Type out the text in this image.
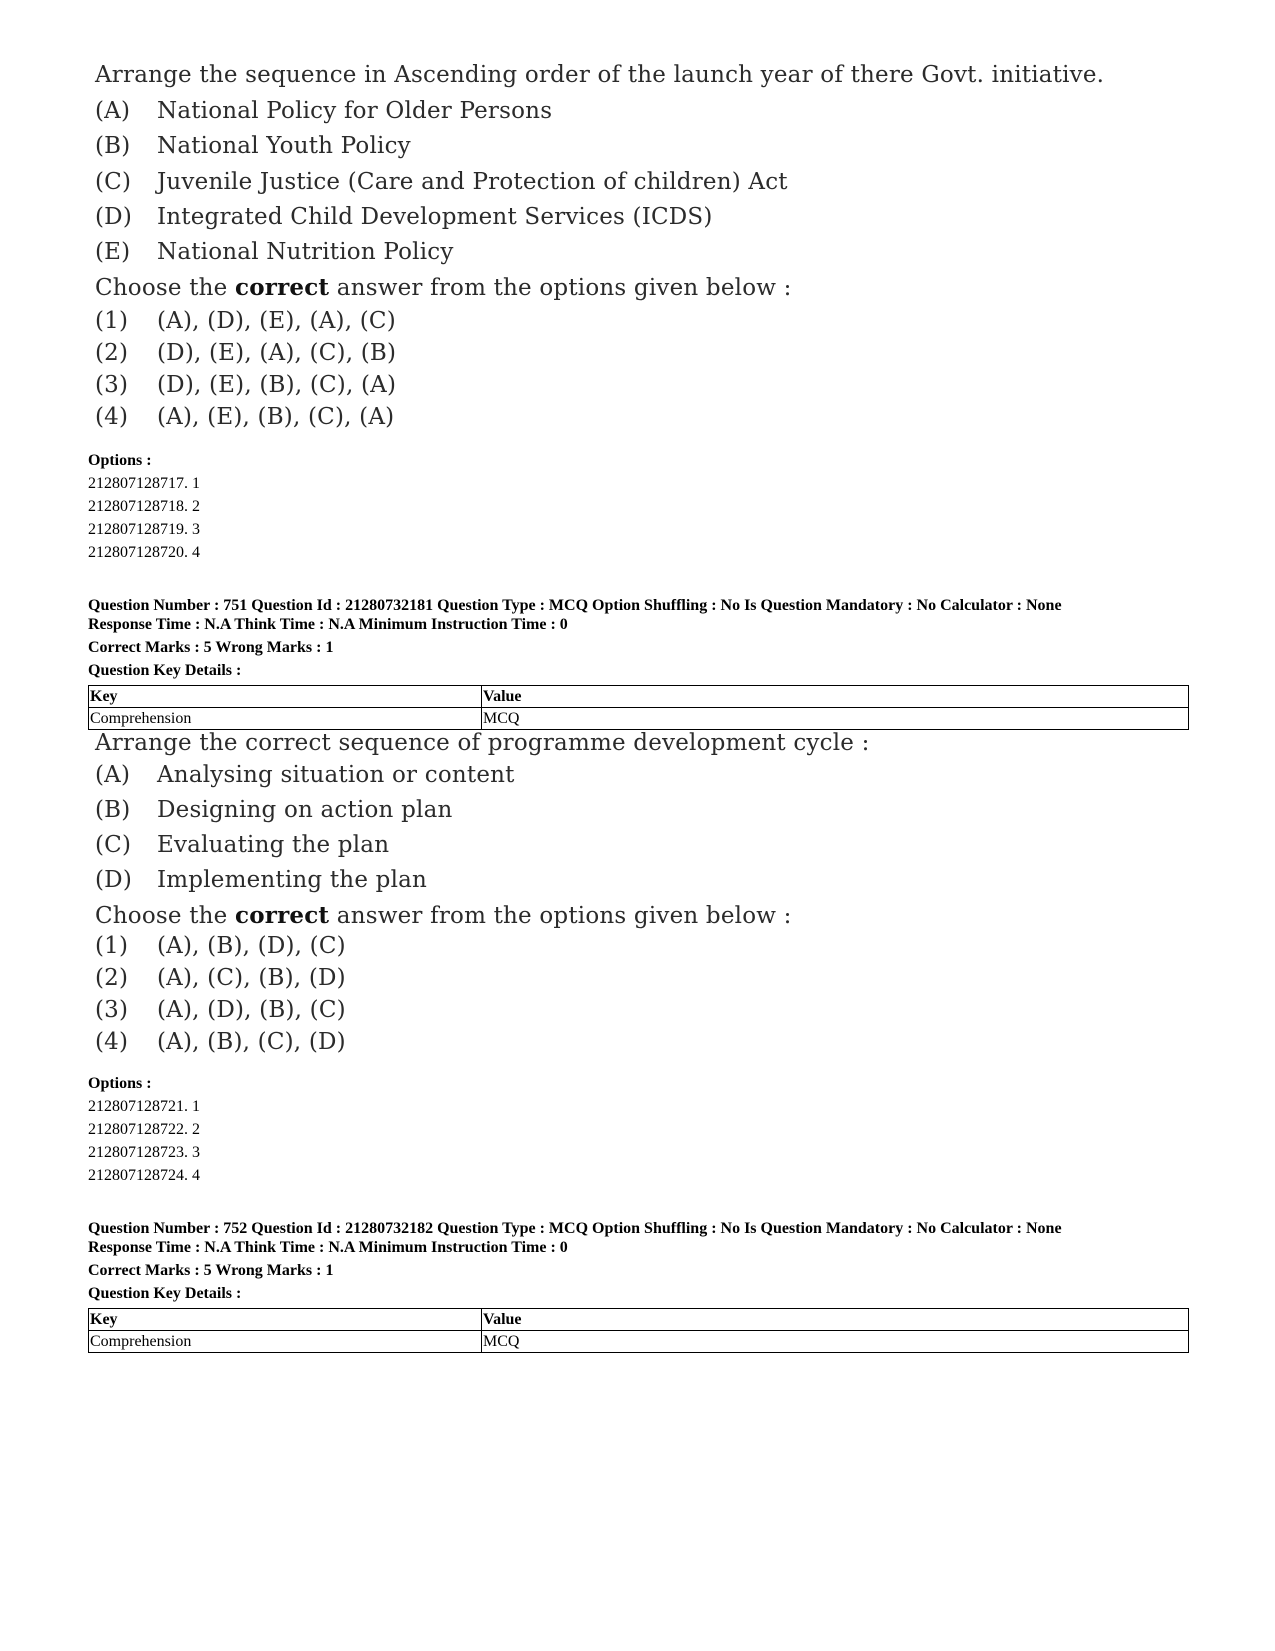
Arrange the sequence in Ascending order of the launch year of there Govt. initiative.
(A) National Policy for Older Persons
(B) National Youth Policy
(C) Juvenile Justice (Care and Protection of children) Act
(D) Integrated Child Development Services (ICDS)
(E) National Nutrition Policy
Choose the correct answer from the options given below :
(1) (A), (D), (E), (A), (C)
(2) (D), (E), (A), (C), (B)
(3) (D), (E), (B), (C), (A)
(4) (A), (E), (B), (C), (A)
Options :
212807128717. 1
212807128718. 2
212807128719. 3
212807128720. 4
Question Number : 751 Question Id : 21280732181 Question Type : MCQ Option Shuffling : No Is Question Mandatory : No Calculator : None
Response Time : N.A Think Time : N.A Minimum Instruction Time : 0
Correct Marks : 5 Wrong Marks : 1
Question Key Details :
Key	Value
Comprehension	MCQ
Arrange the correct sequence of programme development cycle :
(A) Analysing situation or content
(B) Designing on action plan
(C) Evaluating the plan
(D) Implementing the plan
Choose the correct answer from the options given below :
(1) (A), (B), (D), (C)
(2) (A), (C), (B), (D)
(3) (A), (D), (B), (C)
(4) (A), (B), (C), (D)
Options :
212807128721. 1
212807128722. 2
212807128723. 3
212807128724. 4
Question Number : 752 Question Id : 21280732182 Question Type : MCQ Option Shuffling : No Is Question Mandatory : No Calculator : None
Response Time : N.A Think Time : N.A Minimum Instruction Time : 0
Correct Marks : 5 Wrong Marks : 1
Question Key Details :
Key	Value
Comprehension	MCQ
